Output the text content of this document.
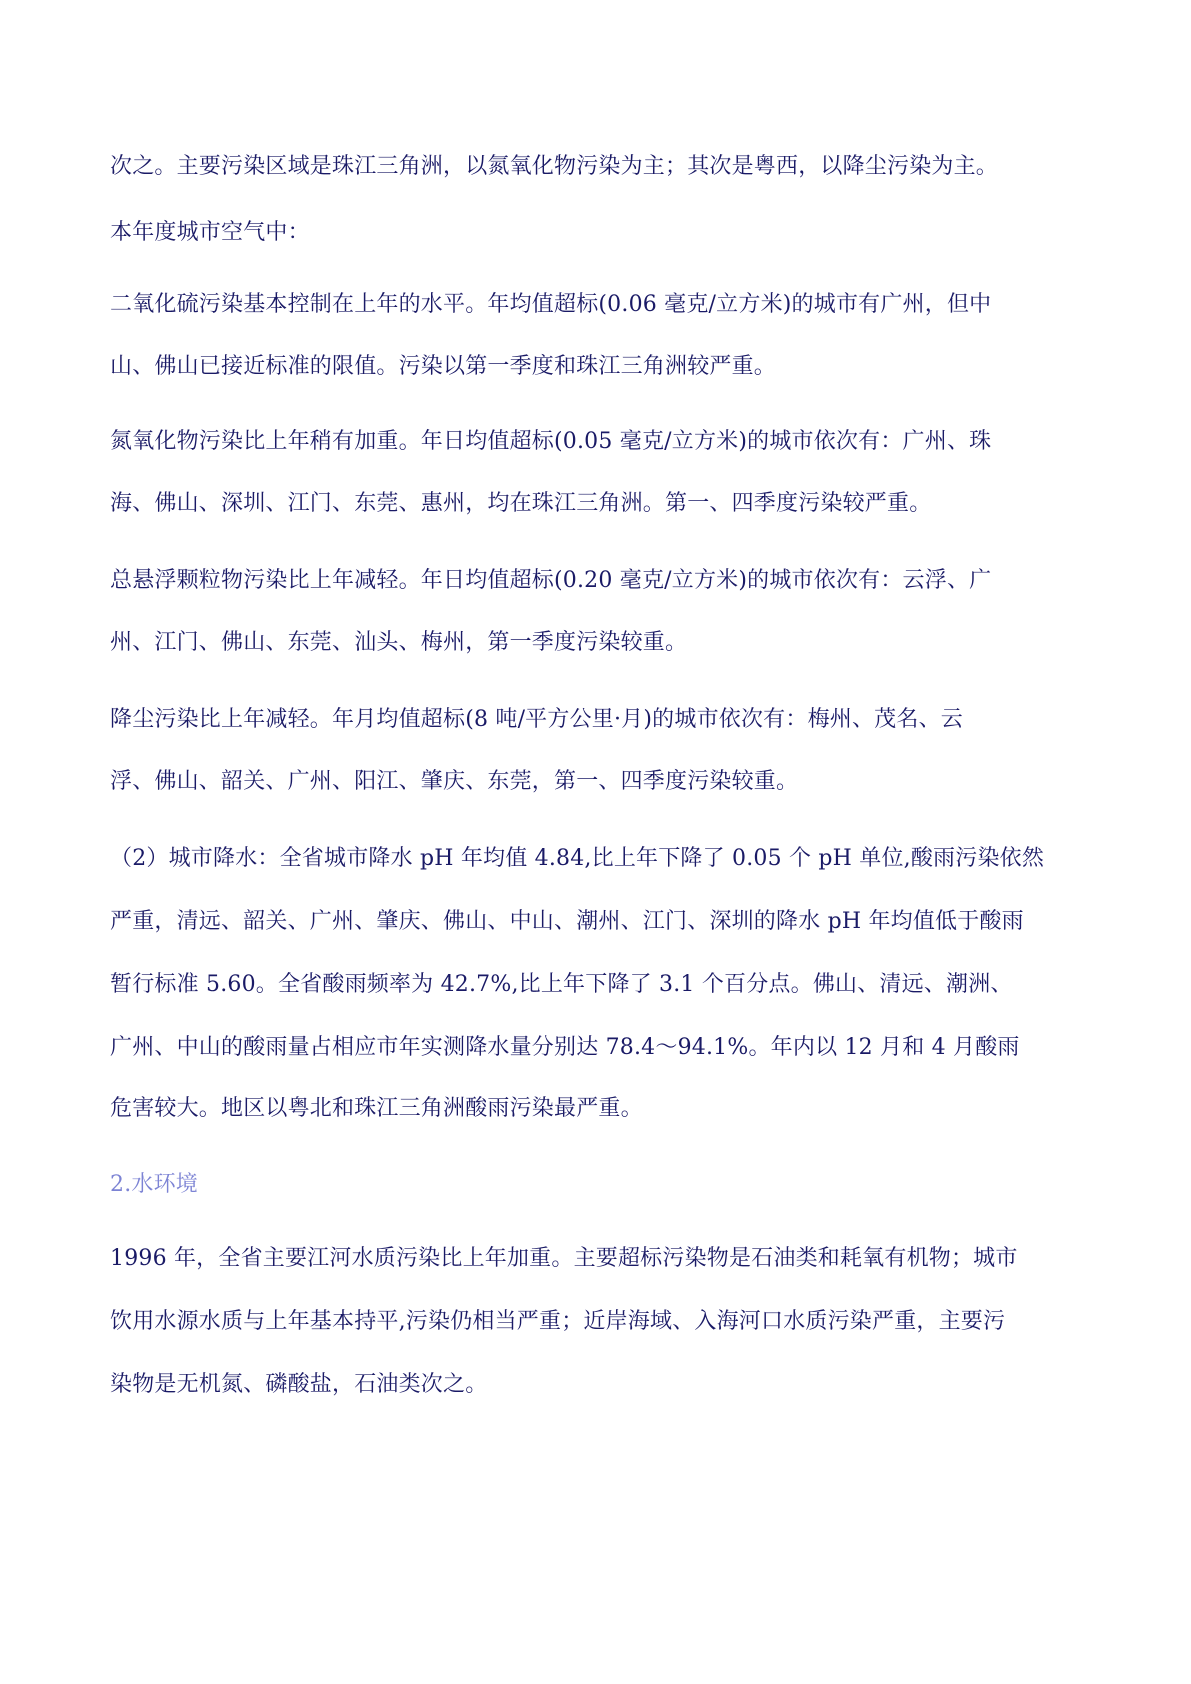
次之。主要污染区域是珠江三角洲，以氮氧化物污染为主；其次是粤西，以降尘污染为主。
本年度城市空气中：
二氧化硫污染基本控制在上年的水平。年均值超标(0.06 毫克/立方米)的城市有广州，但中
山、佛山已接近标准的限值。污染以第一季度和珠江三角洲较严重。
氮氧化物污染比上年稍有加重。年日均值超标(0.05 毫克/立方米)的城市依次有：广州、珠
海、佛山、深圳、江门、东莞、惠州，均在珠江三角洲。第一、四季度污染较严重。
总悬浮颗粒物污染比上年减轻。年日均值超标(0.20 毫克/立方米)的城市依次有：云浮、广
州、江门、佛山、东莞、汕头、梅州，第一季度污染较重。
降尘污染比上年减轻。年月均值超标(8 吨/平方公里·月)的城市依次有：梅州、茂名、云
浮、佛山、韶关、广州、阳江、肇庆、东莞，第一、四季度污染较重。
（2）城市降水：全省城市降水 pH 年均值 4.84,比上年下降了 0.05 个 pH 单位,酸雨污染依然
严重，清远、韶关、广州、肇庆、佛山、中山、潮州、江门、深圳的降水 pH 年均值低于酸雨
暂行标准 5.60。全省酸雨频率为 42.7%,比上年下降了 3.1 个百分点。佛山、清远、潮洲、
广州、中山的酸雨量占相应市年实测降水量分别达 78.4～94.1%。年内以 12 月和 4 月酸雨
危害较大。地区以粤北和珠江三角洲酸雨污染最严重。
2.水环境
1996 年，全省主要江河水质污染比上年加重。主要超标污染物是石油类和耗氧有机物；城市
饮用水源水质与上年基本持平,污染仍相当严重；近岸海域、入海河口水质污染严重，主要污
染物是无机氮、磷酸盐，石油类次之。
